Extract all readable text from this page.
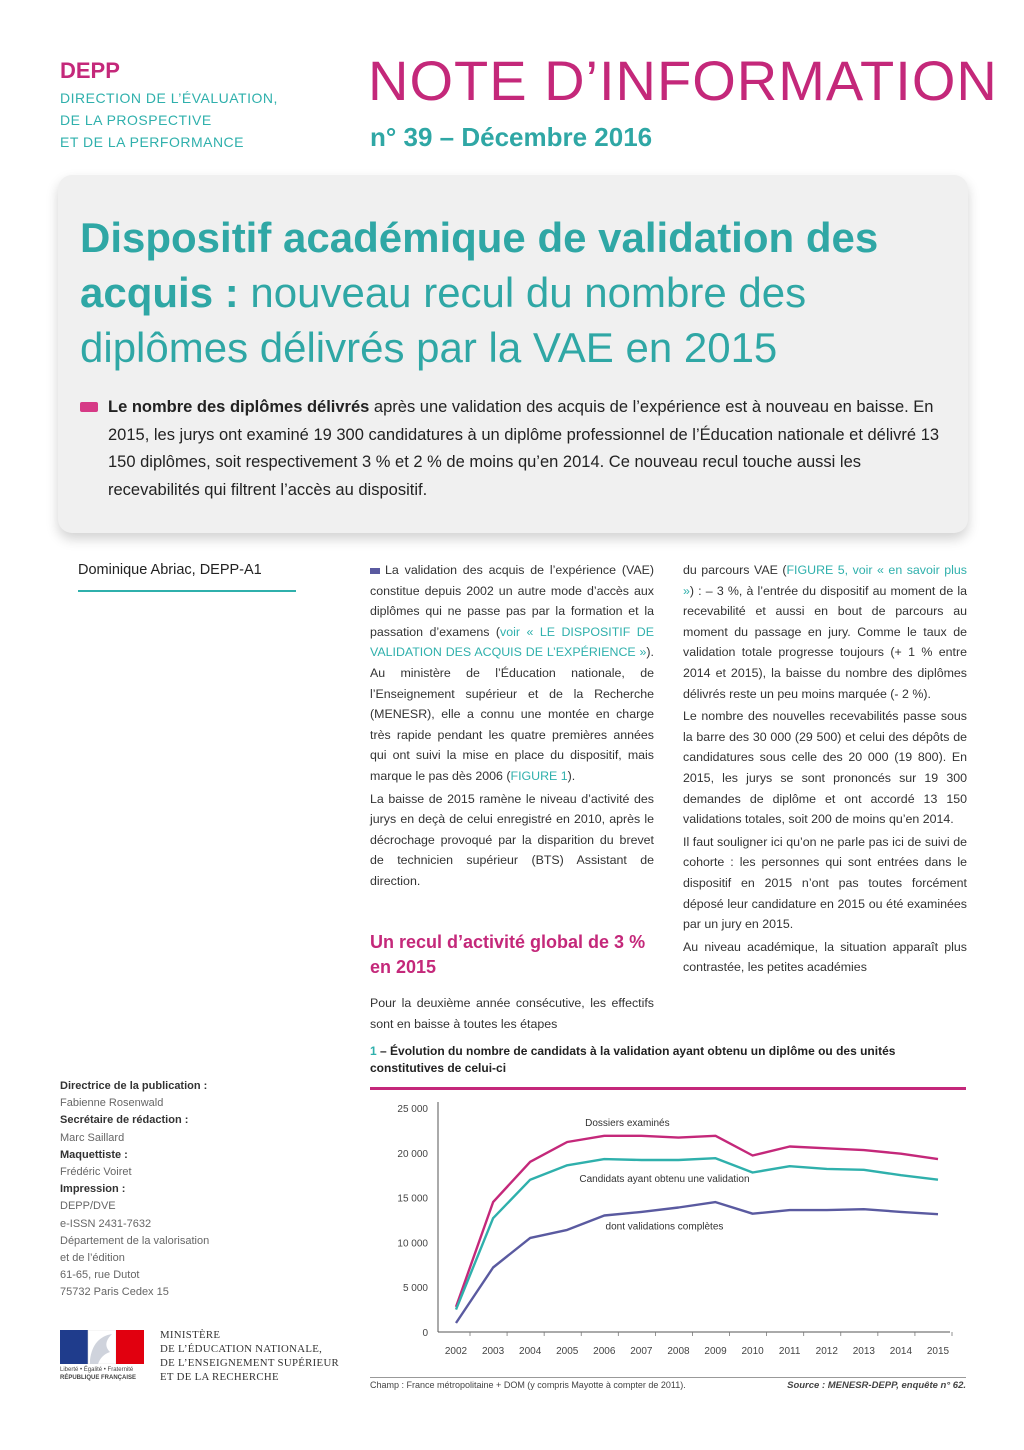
DEPP
DIRECTION DE L’ÉVALUATION,
DE LA PROSPECTIVE
ET DE LA PERFORMANCE
NOTE D’INFORMATION
n° 39 – Décembre 2016
Dispositif académique de validation des acquis : nouveau recul du nombre des diplômes délivrés par la VAE en 2015
Le nombre des diplômes délivrés après une validation des acquis de l’expérience est à nouveau en baisse. En 2015, les jurys ont examiné 19 300 candidatures à un diplôme professionnel de l’Éducation nationale et délivré 13 150 diplômes, soit respectivement 3 % et 2 % de moins qu’en 2014. Ce nouveau recul touche aussi les recevabilités qui filtrent l’accès au dispositif.
Dominique Abriac, DEPP-A1	La validation des acquis de l’expérience (VAE) constitue depuis 2002 un autre mode d’accès aux diplômes qui ne passe pas par la formation et la passation d’examens (voir « LE DISPOSITIF DE VALIDATION DES ACQUIS DE L’EXPÉRIENCE »). Au ministère de l’Éducation nationale, de l’Enseignement supérieur et de la Recherche (MENESR), elle a connu une montée en charge très rapide pendant les quatre premières années qui ont suivi la mise en place du dispositif, mais marque le pas dès 2006 (FIGURE 1).

La baisse de 2015 ramène le niveau d’activité des jurys en deçà de celui enregistré en 2010, après le décrochage provoqué par la disparition du brevet de technicien supérieur (BTS) Assistant de direction.

Un recul d’activité global de 3 % en 2015

Pour la deuxième année consécutive, les effectifs sont en baisse à toutes les étapes

du parcours VAE (FIGURE 5, voir « en savoir plus ») : – 3 %, à l’entrée du dispositif au moment de la recevabilité et aussi en bout de parcours au moment du passage en jury. Comme le taux de validation totale progresse toujours (+ 1 % entre 2014 et 2015), la baisse du nombre des diplômes délivrés reste un peu moins marquée (- 2 %).

Le nombre des nouvelles recevabilités passe sous la barre des 30 000 (29 500) et celui des dépôts de candidatures sous celle des 20 000 (19 800). En 2015, les jurys se sont prononcés sur 19 300 demandes de diplôme et ont accordé 13 150 validations totales, soit 200 de moins qu’en 2014.

Il faut souligner ici qu’on ne parle pas ici de suivi de cohorte : les personnes qui sont entrées dans le dispositif en 2015 n’ont pas toutes forcément déposé leur candidature en 2015 ou été examinées par un jury en 2015.

Au niveau académique, la situation apparaît plus contrastée, les petites académies

1 – Évolution du nombre de candidats à la validation ayant obtenu un diplôme ou des unités constitutives de celui-ci
0
5 000
10 000
15 000
20 000
25 000
2002 2003 2004 2005 2006 2007 2008 2009 2010 2011 2012 2013 2014 2015
Dossiers examinés
Candidats ayant obtenu une validation
dont validations complètes
Champ : France métropolitaine + DOM (y compris Mayotte à compter de 2011).	Source : MENESR-DEPP, enquête n° 62.
Directrice de la publication :
Fabienne Rosenwald
Secrétaire de rédaction :
Marc Saillard
Maquettiste :
Frédéric Voiret
Impression :
DEPP/DVE
e-ISSN 2431-7632
Département de la valorisation
et de l’édition
61-65, rue Dutot
75732 Paris Cedex 15
Liberté • Égalité • Fraternité
RÉPUBLIQUE FRANÇAISE
MINISTÈRE
DE L’ÉDUCATION NATIONALE,
DE L’ENSEIGNEMENT SUPÉRIEUR
ET DE LA RECHERCHE
